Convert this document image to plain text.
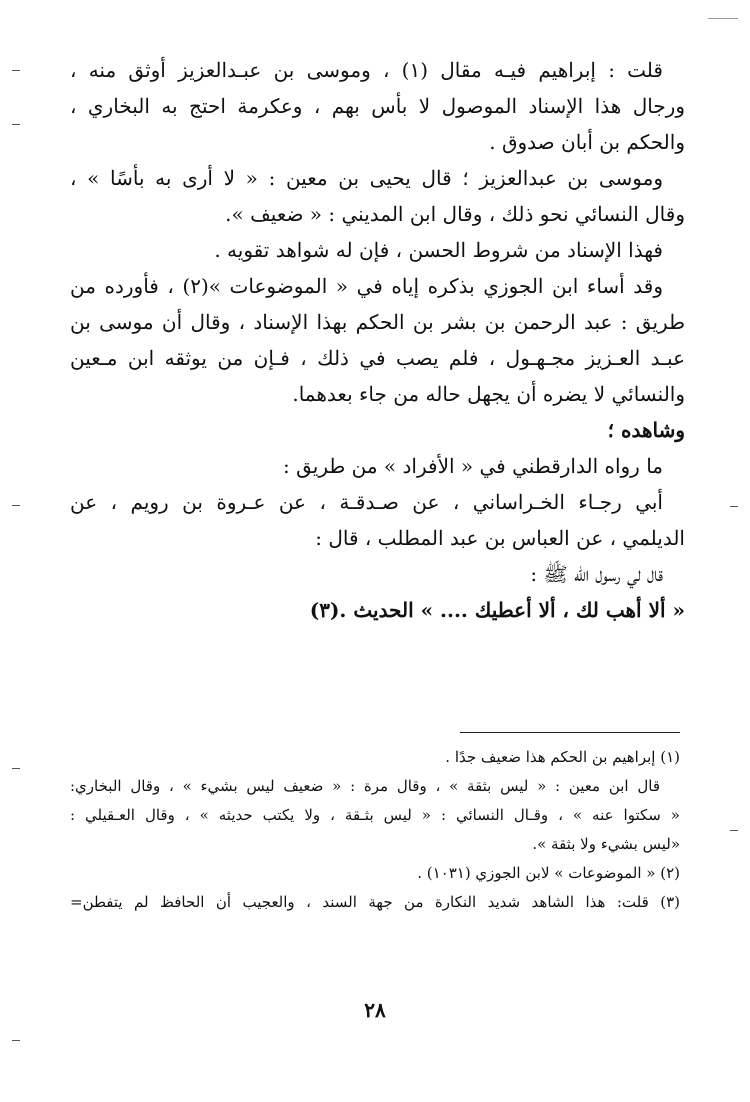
قلت : إبراهيم فيـه مقال (١) ، وموسى بن عبـدالعزيز أوثق منه ،
ورجال هذا الإسناد الموصول لا بأس بهم ، وعكرمة احتج به البخاري ،
والحكم بن أبان صدوق .
وموسى بن عبدالعزيز ؛ قال يحيى بن معين : « لا أرى به بأسًا » ،
وقال النسائي نحو ذلك ، وقال ابن المديني : « ضعيف ».
فهذا الإسناد من شروط الحسن ، فإن له شواهد تقويه .
وقد أساء ابن الجوزي بذكره إياه في « الموضوعات »(٢) ، فأورده من
طريق : عبد الرحمن بن بشر بن الحكم بهذا الإسناد ، وقال أن موسى بن
عبـد العـزيز مجـهـول ، فلم يصب في ذلك ، فـإن من يوثقه ابن مـعين
والنسائي لا يضره أن يجهل حاله من جاء بعدهما.
وشاهده ؛
ما رواه الدارقطني في « الأفراد » من طريق :
أبي رجـاء الخـراساني ، عن صـدقـة ، عن عـروة بن رويم ، عن
الديلمي ، عن العباس بن عبد المطلب ، قال :
قال لي رسول الله ﷺ :
« ألا أهب لك ، ألا أعطيك .... » الحديث .(٣)
(١) إبراهيم بن الحكم هذا ضعيف جدًا .
قال ابن معين : « ليس بثقة » ، وقال مرة : « ضعيف ليس بشيء » ، وقال البخاري:
« سكتوا عنه » ، وقـال النسائي : « ليس بثـقة ، ولا يكتب حديثه » ، وقال العـقيلي :
«ليس بشيء ولا بثقة ».
(٢) « الموضوعات » لابن الجوزي (١٠٣١) .
(٣) قلت: هذا الشاهد شديد النكارة من جهة السند ، والعجيب أن الحافظ لم يتفطن=
٢٨
